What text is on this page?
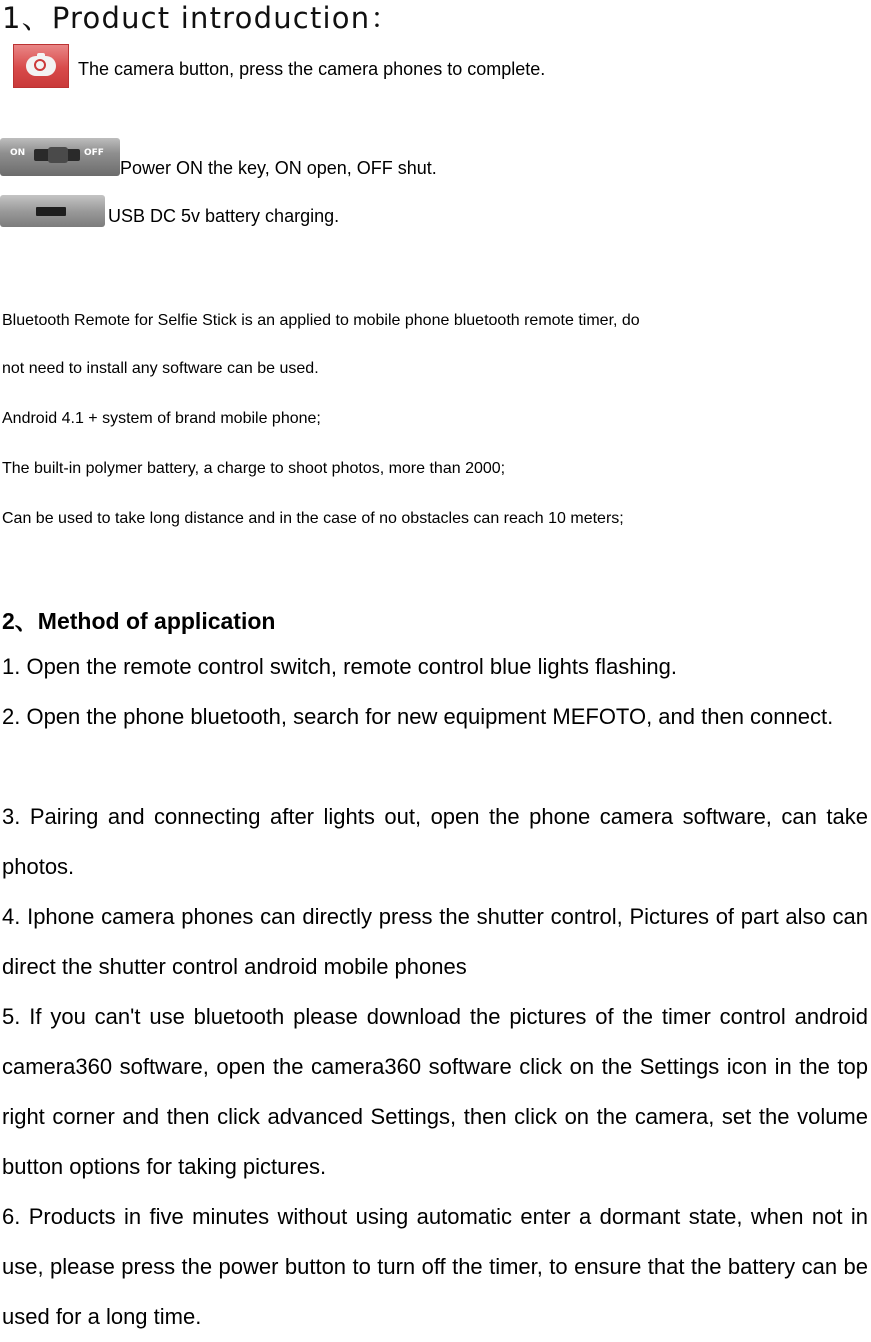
1、Product introduction：
The camera button, press the camera phones to complete.
ON	OFF
Power ON the key, ON open, OFF shut.
USB DC 5v battery charging.
Bluetooth Remote for Selfie Stick is an applied to mobile phone bluetooth remote timer, do
not need to install any software can be used.
Android 4.1 + system of brand mobile phone;
The built-in polymer battery, a charge to shoot photos, more than 2000;
Can be used to take long distance and in the case of no obstacles can reach 10 meters;
2、Method of application
1. Open the remote control switch, remote control blue lights flashing.
2. Open the phone bluetooth, search for new equipment MEFOTO, and then connect.
3. Pairing and connecting after lights out, open the phone camera software, can take photos.
4. Iphone camera phones can directly press the shutter control, Pictures of part also can direct the shutter control android mobile phones
5. If you can't use bluetooth please download the pictures of the timer control android camera360 software, open the camera360 software click on the Settings icon in the top right corner and then click advanced Settings, then click on the camera, set the volume button options for taking pictures.
6. Products in five minutes without using automatic enter a dormant state, when not in use, please press the power button to turn off the timer, to ensure that the battery can be used for a long time.
